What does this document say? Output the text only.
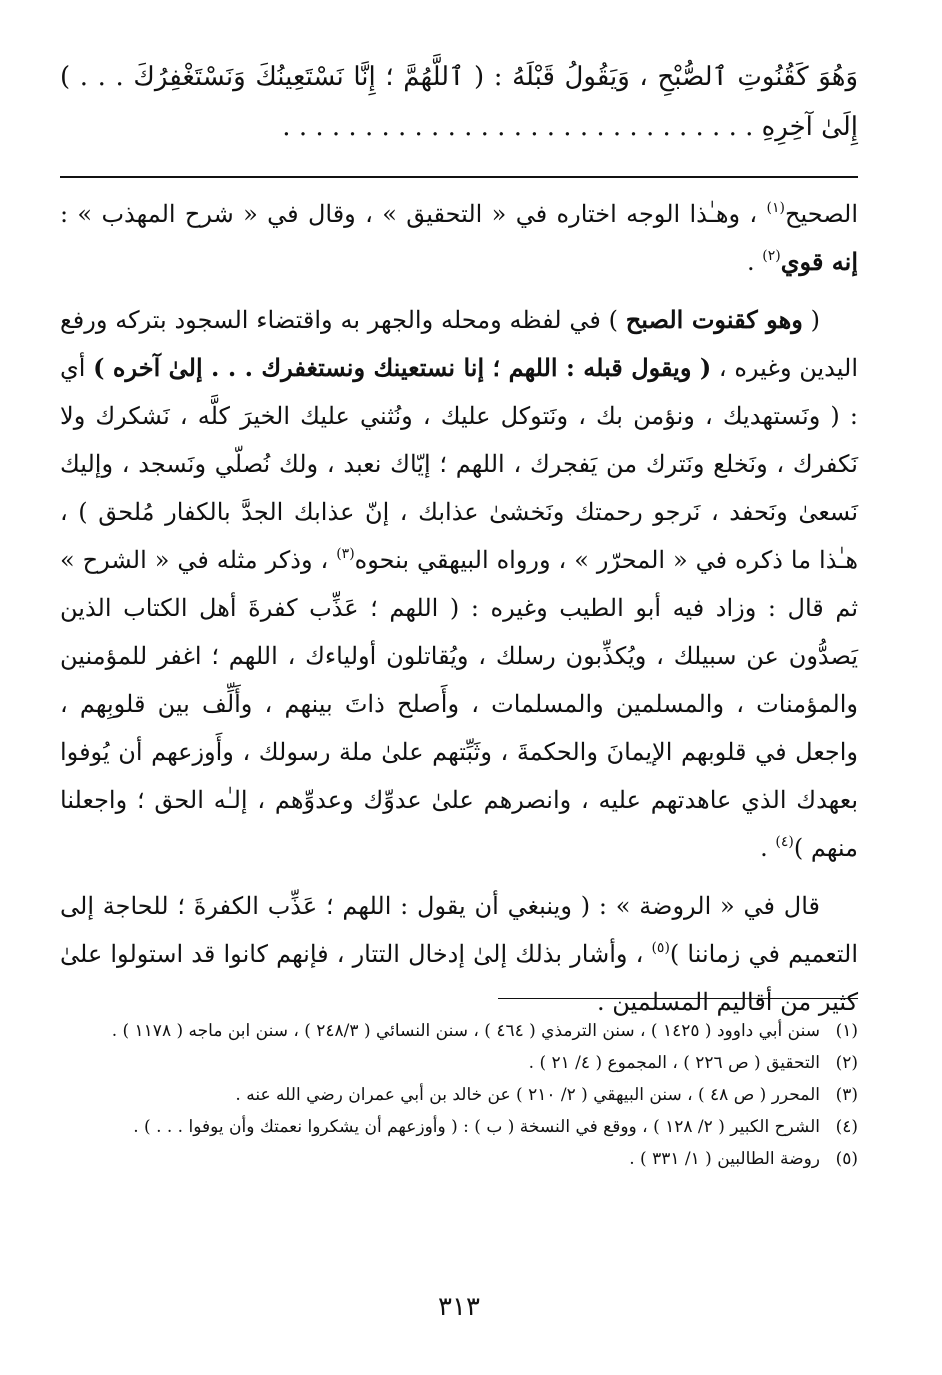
وَهُوَ كَقُنُوتِ ٱلصُّبْحِ ، وَيَقُولُ قَبْلَهُ : ( ٱللَّهُمَّ ؛ إِنَّا نَسْتَعِينُكَ وَنَسْتَغْفِرُكَ . . . ) إِلَىٰ آخِرِهِ . . . . . . . . . . . . . . . . . . . . . . . . . . . . .

الصحيح$^{(١)}$ ، وهـٰذا الوجه اختاره في « التحقيق » ، وقال في « شرح المهذب » : إنه قوي$^{(٢)}$ .

( وهو كقنوت الصبح ) في لفظه ومحله والجهر به واقتضاء السجود بتركه ورفع اليدين وغيره ، ( ويقول قبله : اللهم ؛ إنا نستعينك ونستغفرك . . . إلىٰ آخره ) أي : ( ونَستهديك ، ونؤمن بك ، ونَتوكل عليك ، ونُثني عليك الخيرَ كلَّه ، نَشكرك ولا نَكفرك ، ونَخلع ونَترك من يَفجرك ، اللهم ؛ إيّاك نعبد ، ولك نُصلّي ونَسجد ، وإليك نَسعىٰ ونَحفد ، نَرجو رحمتك ونَخشىٰ عذابك ، إنّ عذابك الجدَّ بالكفار مُلحق ) ، هـٰذا ما ذكره في « المحرّر » ، ورواه البيهقي بنحوه$^{(٣)}$ ، وذكر مثله في « الشرح » ثم قال : وزاد فيه أبو الطيب وغيره : ( اللهم ؛ عَذِّب كفرةَ أهل الكتاب الذين يَصدُّون عن سبيلك ، ويُكذِّبون رسلك ، ويُقاتلون أولياءك ، اللهم ؛ اغفر للمؤمنين والمؤمنات ، والمسلمين والمسلمات ، وأَصلح ذاتَ بينهم ، وأَلِّف بين قلوبِهم ، واجعل في قلوبهم الإيمانَ والحكمةَ ، وثَبِّتهم علىٰ ملة رسولك ، وأَوزعهم أن يُوفوا بعهدك الذي عاهدتهم عليه ، وانصرهم علىٰ عدوِّك وعدوِّهم ، إلـٰه الحق ؛ واجعلنا منهم )$^{(٤)}$ .

قال في « الروضة » : ( وينبغي أن يقول : اللهم ؛ عَذِّب الكفرةَ ؛ للحاجة إلى التعميم في زماننا )$^{(٥)}$ ، وأشار بذلك إلىٰ إدخال التتار ، فإنهم كانوا قد استولوا علىٰ كثير من أقاليم المسلمين .

(١)
سنن أبي داوود ( ١٤٢٥ ) ، سنن الترمذي ( ٤٦٤ ) ، سنن النسائي ( ٢٤٨/٣ ) ، سنن ابن ماجه ( ١١٧٨ ) .
(٢)
التحقيق ( ص ٢٢٦ ) ، المجموع ( ٤/ ٢١ ) .
(٣)
المحرر ( ص ٤٨ ) ، سنن البيهقي ( ٢/ ٢١٠ ) عن خالد بن أبي عمران رضي الله عنه .
(٤)
الشرح الكبير ( ٢/ ١٢٨ ) ، ووقع في النسخة ( ب ) : ( وأوزعهم أن يشكروا نعمتك وأن يوفوا . . . ) .
(٥)
روضة الطالبين ( ١/ ٣٣١ ) .
٣١٣
